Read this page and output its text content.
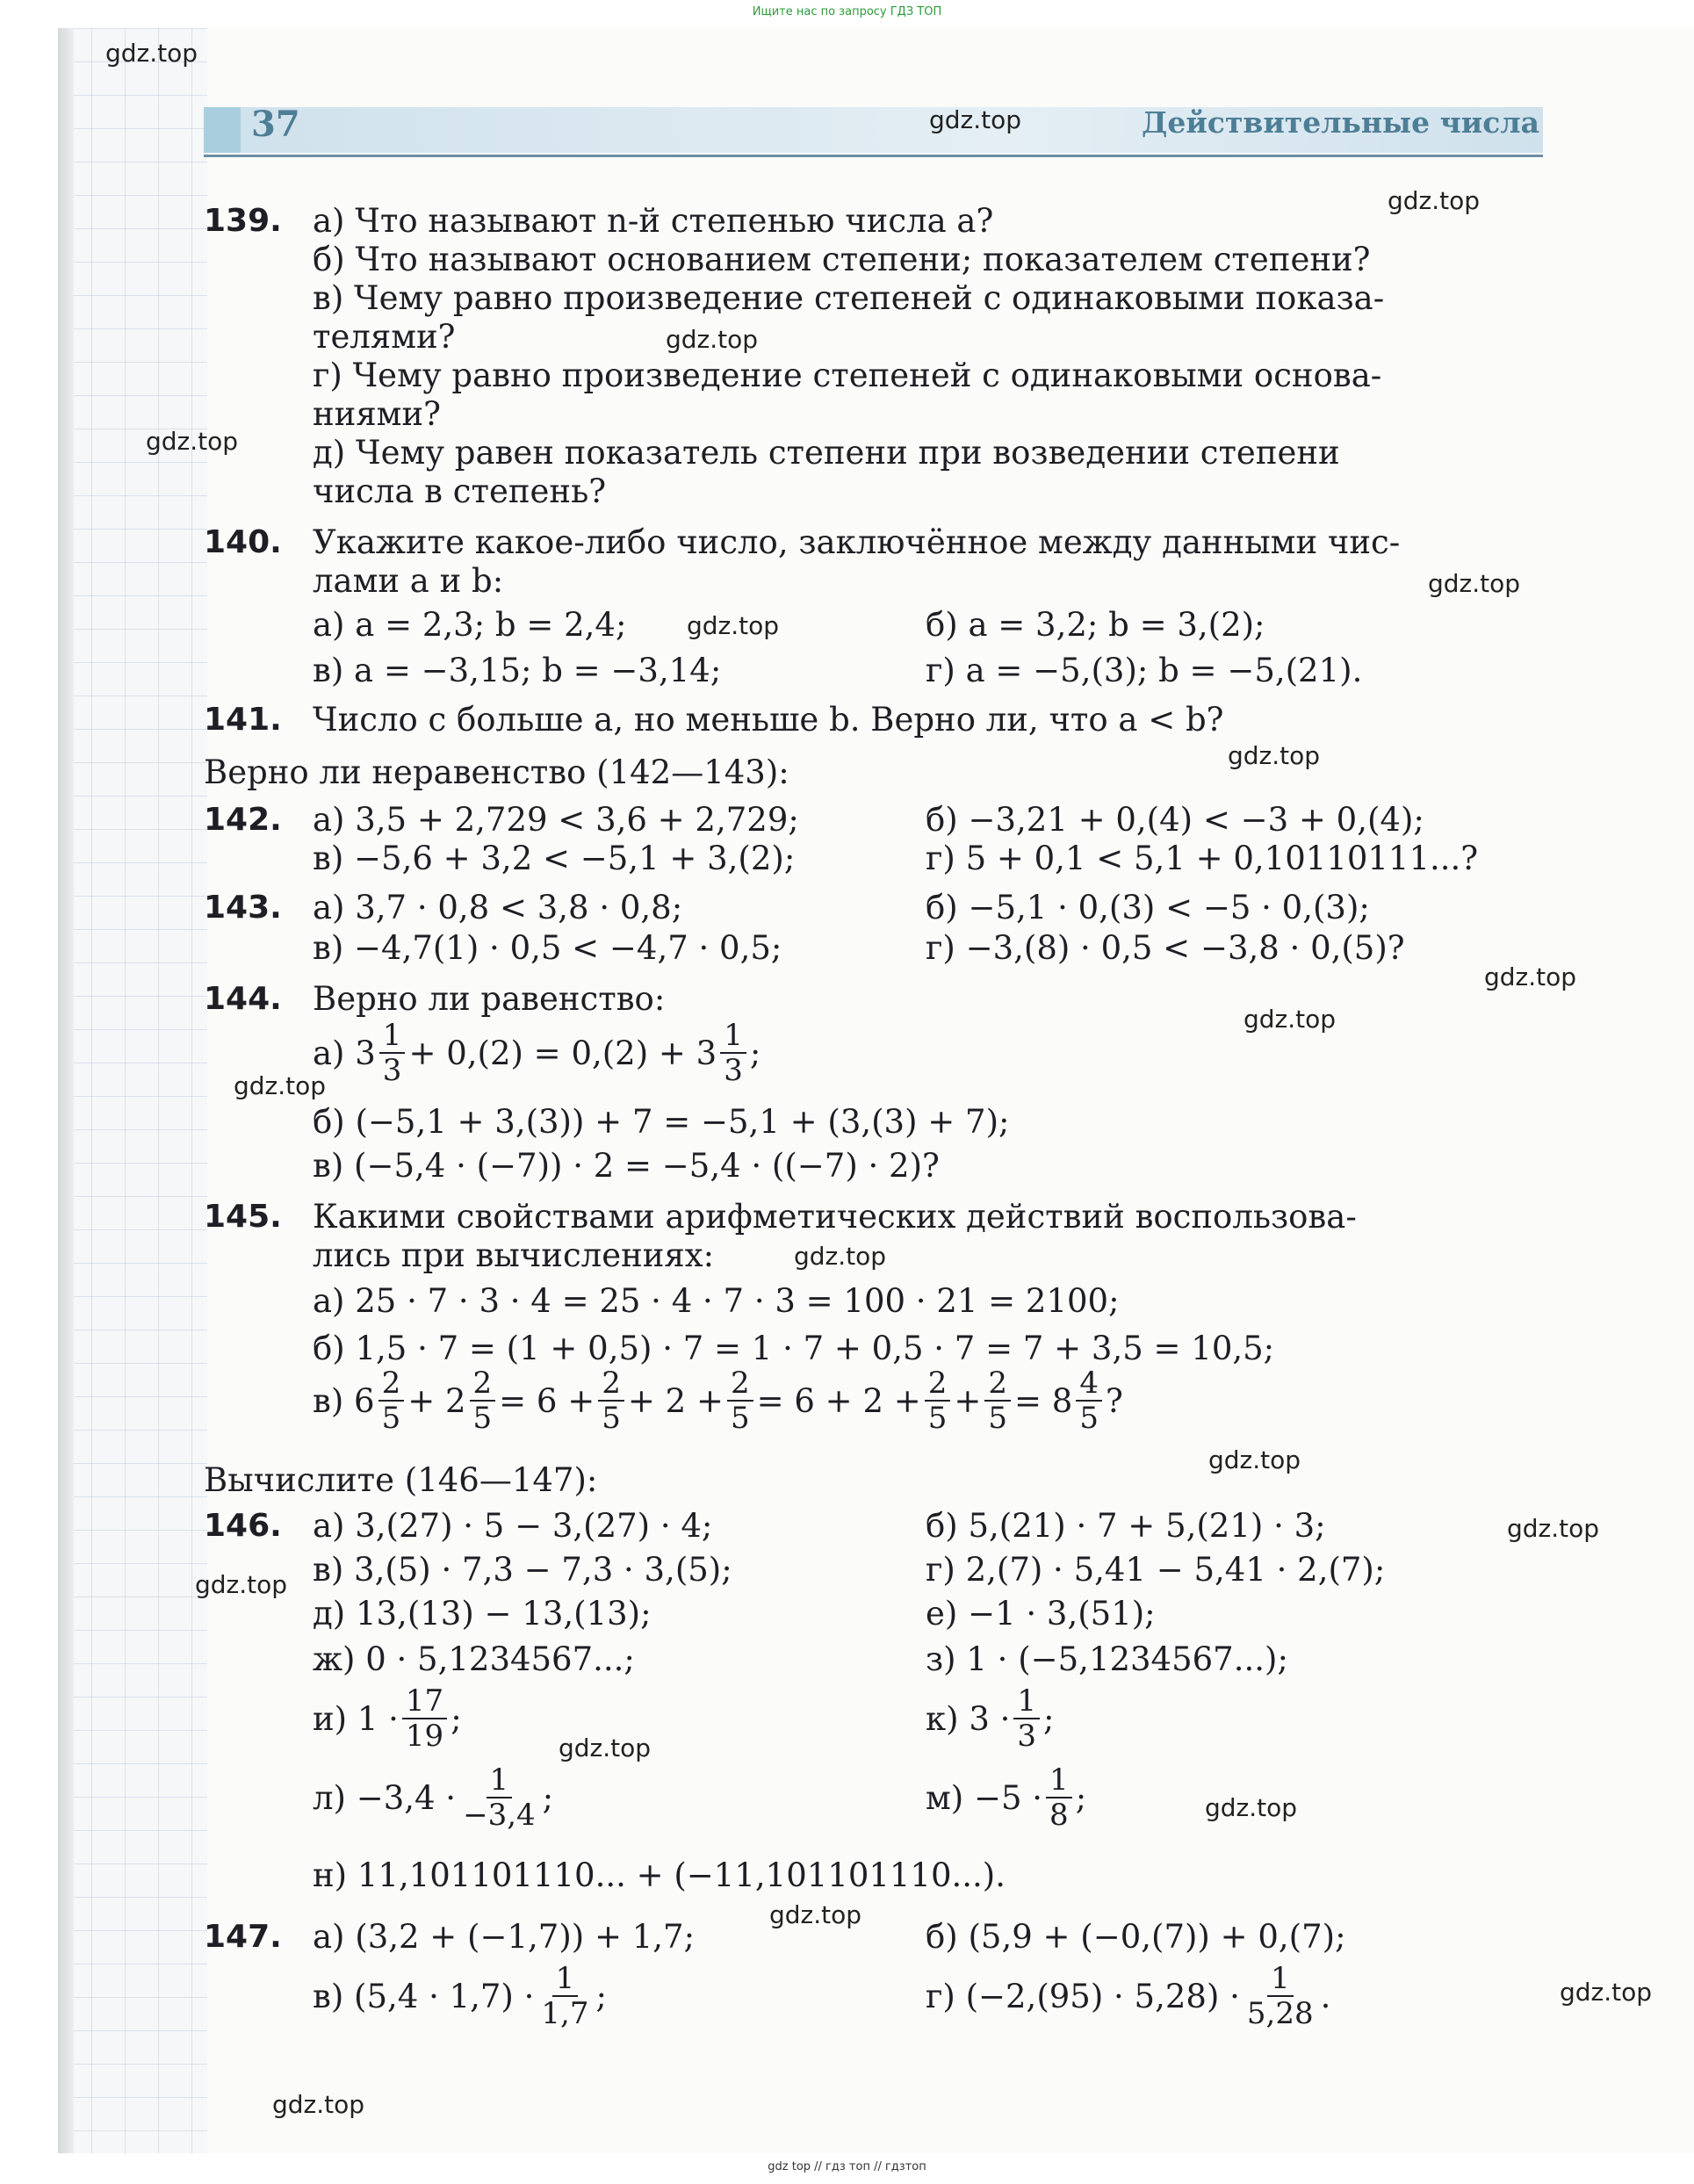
Ищите нас по запросу ГДЗ ТОП
37	Действительные числа
139. а) Что называют n-й степенью числа a?
б) Что называют основанием степени; показателем степени?
в) Чему равно произведение степеней с одинаковыми показа-
телями?
г) Чему равно произведение степеней с одинаковыми основа-
ниями?
д) Чему равен показатель степени при возведении степени
числа в степень?
140. Укажите какое-либо число, заключённое между данными чис-
лами a и b:
а) a = 2,3; b = 2,4;	б) a = 3,2; b = 3,(2);
в) a = −3,15; b = −3,14;	г) a = −5,(3); b = −5,(21).
141. Число c больше a, но меньше b. Верно ли, что a < b?
Верно ли неравенство (142—143):
142. а) 3,5 + 2,729 < 3,6 + 2,729;	б) −3,21 + 0,(4) < −3 + 0,(4);
в) −5,6 + 3,2 < −5,1 + 3,(2);	г) 5 + 0,1 < 5,1 + 0,10110111...?
143. а) 3,7 · 0,8 < 3,8 · 0,8;	б) −5,1 · 0,(3) < −5 · 0,(3);
в) −4,7(1) · 0,5 < −4,7 · 0,5;	г) −3,(8) · 0,5 < −3,8 · 0,(5)?
144. Верно ли равенство:
а) $3 \frac{1}{3} + 0,(2) = 0,(2) + 3 \frac{1}{3}$ ;
б) (−5,1 + 3,(3)) + 7 = −5,1 + (3,(3) + 7);
в) (−5,4 · (−7)) · 2 = −5,4 · ((−7) · 2)?
145. Какими свойствами арифметических действий воспользова-
лись при вычислениях:
а) 25 · 7 · 3 · 4 = 25 · 4 · 7 · 3 = 100 · 21 = 2100;
б) 1,5 · 7 = (1 + 0,5) · 7 = 1 · 7 + 0,5 · 7 = 7 + 3,5 = 10,5;
в) $6 \frac{2}{5} + 2 \frac{2}{5} = 6 + \frac{2}{5} + 2 + \frac{2}{5} = 6 + 2 + \frac{2}{5} + \frac{2}{5} = 8 \frac{4}{5}$ ?
Вычислите (146—147):
146. а) 3,(27) · 5 − 3,(27) · 4;	б) 5,(21) · 7 + 5,(21) · 3;
в) 3,(5) · 7,3 − 7,3 · 3,(5);	г) 2,(7) · 5,41 − 5,41 · 2,(7);
д) 13,(13) − 13,(13);	е) −1 · 3,(51);
ж) 0 · 5,1234567...;	з) 1 · (−5,1234567...);
и) $1 \cdot \frac{17}{19}$ ;	к) $3 \cdot \frac{1}{3}$ ;
$л) -3,4 \cdot \frac{1}{-3,4}$ ;	$м) -5 \cdot \frac{1}{8}$ ;
н) 11,101101110... + (−11,101101110...).
147. а) (3,2 + (−1,7)) + 1,7;	б) (5,9 + (−0,(7)) + 0,(7);
в) $(5,4 \cdot 1,7) \cdot \frac{1}{1,7}$ ;	г) $(-2,(95) \cdot 5,28) \cdot \frac{1}{5,28}$ .
gdz.top
gdz.top
gdz.top
gdz.top
gdz.top
gdz.top
gdz.top
gdz.top
gdz.top
gdz.top
gdz.top
gdz.top
gdz.top
gdz.top
gdz.top
gdz.top
gdz.top
gdz.top
gdz.top
gdz.top
gdz top // гдз топ // гдзтоп
